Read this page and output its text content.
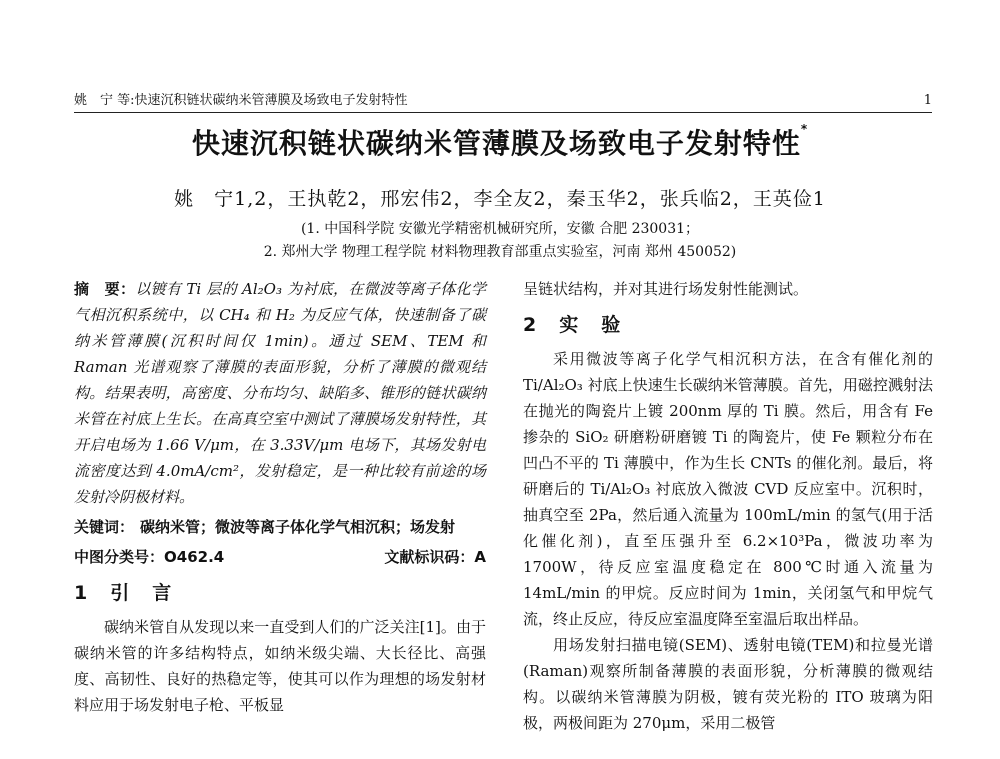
姚　宁 等:快速沉积链状碳纳米管薄膜及场致电子发射特性	1
快速沉积链状碳纳米管薄膜及场致电子发射特性*
姚　宁1,2，王执乾2，邢宏伟2，李全友2，秦玉华2，张兵临2，王英俭1
(1. 中国科学院 安徽光学精密机械研究所，安徽 合肥 230031；
2. 郑州大学 物理工程学院 材料物理教育部重点实验室，河南 郑州 450052)
摘　要：以镀有 Ti 层的 Al₂O₃ 为衬底，在微波等离子体化学气相沉积系统中，以 CH₄ 和 H₂ 为反应气体，快速制备了碳纳米管薄膜(沉积时间仅 1min)。通过 SEM、TEM 和 Raman 光谱观察了薄膜的表面形貌，分析了薄膜的微观结构。结果表明，高密度、分布均匀、缺陷多、锥形的链状碳纳米管在衬底上生长。在高真空室中测试了薄膜场发射特性，其开启电场为 1.66 V/μm，在 3.33V/μm 电场下，其场发射电流密度达到 4.0mA/cm²，发射稳定，是一种比较有前途的场发射冷阴极材料。
关键词： 碳纳米管；微波等离子体化学气相沉积；场发射
中图分类号：O462.4	文献标识码：A
1　引　言

碳纳米管自从发现以来一直受到人们的广泛关注[1]。由于碳纳米管的许多结构特点，如纳米级尖端、大长径比、高强度、高韧性、良好的热稳定等，使其可以作为理想的场发射材料应用于场发射电子枪、平板显

呈链状结构，并对其进行场发射性能测试。

2　实　验

采用微波等离子化学气相沉积方法，在含有催化剂的 Ti/Al₂O₃ 衬底上快速生长碳纳米管薄膜。首先，用磁控溅射法在抛光的陶瓷片上镀 200nm 厚的 Ti 膜。然后，用含有 Fe 掺杂的 SiO₂ 研磨粉研磨镀 Ti 的陶瓷片，使 Fe 颗粒分布在凹凸不平的 Ti 薄膜中，作为生长 CNTs 的催化剂。最后，将研磨后的 Ti/Al₂O₃ 衬底放入微波 CVD 反应室中。沉积时，抽真空至 2Pa，然后通入流量为 100mL/min 的氢气(用于活化催化剂)，直至压强升至 6.2×10³Pa，微波功率为 1700W，待反应室温度稳定在 800℃时通入流量为 14mL/min 的甲烷。反应时间为 1min，关闭氢气和甲烷气流，终止反应，待反应室温度降至室温后取出样品。

用场发射扫描电镜(SEM)、透射电镜(TEM)和拉曼光谱(Raman)观察所制备薄膜的表面形貌，分析薄膜的微观结构。以碳纳米管薄膜为阴极，镀有荧光粉的 ITO 玻璃为阳极，两极间距为 270μm，采用二极管
